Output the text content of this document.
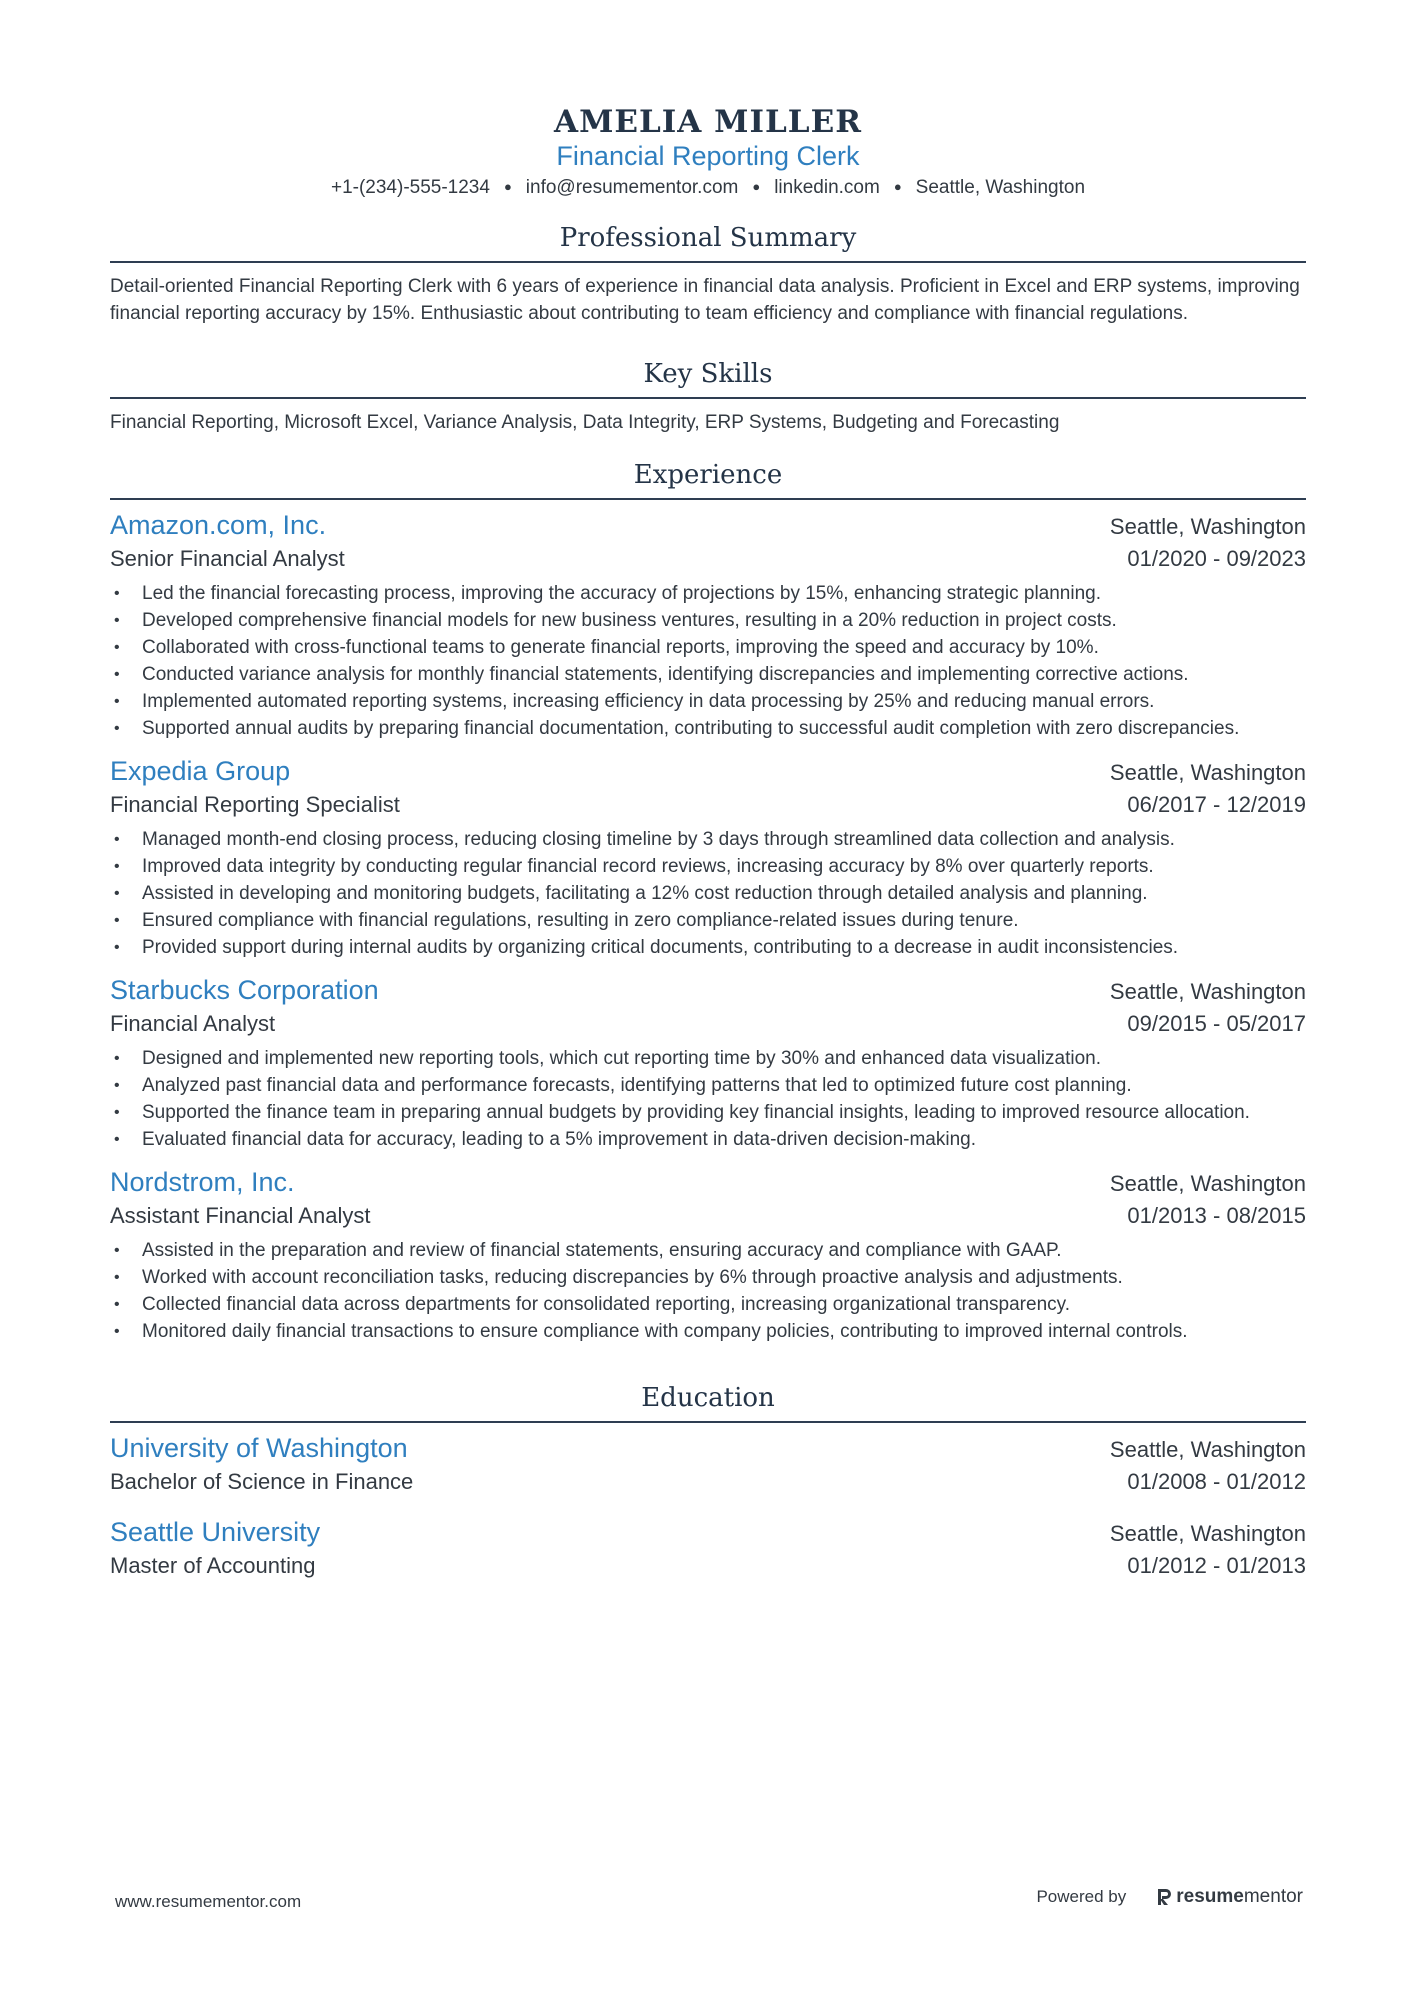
AMELIA MILLER
Financial Reporting Clerk
+1-(234)-555-1234 ● info@resumementor.com ● linkedin.com ● Seattle, Washington
Professional Summary
Detail-oriented Financial Reporting Clerk with 6 years of experience in financial data analysis. Proficient in Excel and ERP systems, improving financial reporting accuracy by 15%. Enthusiastic about contributing to team efficiency and compliance with financial regulations.
Key Skills
Financial Reporting, Microsoft Excel, Variance Analysis, Data Integrity, ERP Systems, Budgeting and Forecasting
Experience
Amazon.com, Inc.	Seattle, Washington
Senior Financial Analyst	01/2020 - 09/2023
• Led the financial forecasting process, improving the accuracy of projections by 15%, enhancing strategic planning.
• Developed comprehensive financial models for new business ventures, resulting in a 20% reduction in project costs.
• Collaborated with cross-functional teams to generate financial reports, improving the speed and accuracy by 10%.
• Conducted variance analysis for monthly financial statements, identifying discrepancies and implementing corrective actions.
• Implemented automated reporting systems, increasing efficiency in data processing by 25% and reducing manual errors.
• Supported annual audits by preparing financial documentation, contributing to successful audit completion with zero discrepancies.
Expedia Group	Seattle, Washington
Financial Reporting Specialist	06/2017 - 12/2019
• Managed month-end closing process, reducing closing timeline by 3 days through streamlined data collection and analysis.
• Improved data integrity by conducting regular financial record reviews, increasing accuracy by 8% over quarterly reports.
• Assisted in developing and monitoring budgets, facilitating a 12% cost reduction through detailed analysis and planning.
• Ensured compliance with financial regulations, resulting in zero compliance-related issues during tenure.
• Provided support during internal audits by organizing critical documents, contributing to a decrease in audit inconsistencies.
Starbucks Corporation	Seattle, Washington
Financial Analyst	09/2015 - 05/2017
• Designed and implemented new reporting tools, which cut reporting time by 30% and enhanced data visualization.
• Analyzed past financial data and performance forecasts, identifying patterns that led to optimized future cost planning.
• Supported the finance team in preparing annual budgets by providing key financial insights, leading to improved resource allocation.
• Evaluated financial data for accuracy, leading to a 5% improvement in data-driven decision-making.
Nordstrom, Inc.	Seattle, Washington
Assistant Financial Analyst	01/2013 - 08/2015
• Assisted in the preparation and review of financial statements, ensuring accuracy and compliance with GAAP.
• Worked with account reconciliation tasks, reducing discrepancies by 6% through proactive analysis and adjustments.
• Collected financial data across departments for consolidated reporting, increasing organizational transparency.
• Monitored daily financial transactions to ensure compliance with company policies, contributing to improved internal controls.
Education
University of Washington	Seattle, Washington
Bachelor of Science in Finance	01/2008 - 01/2012
Seattle University	Seattle, Washington
Master of Accounting	01/2012 - 01/2013
www.resumementor.com	Powered by	resume mentor
